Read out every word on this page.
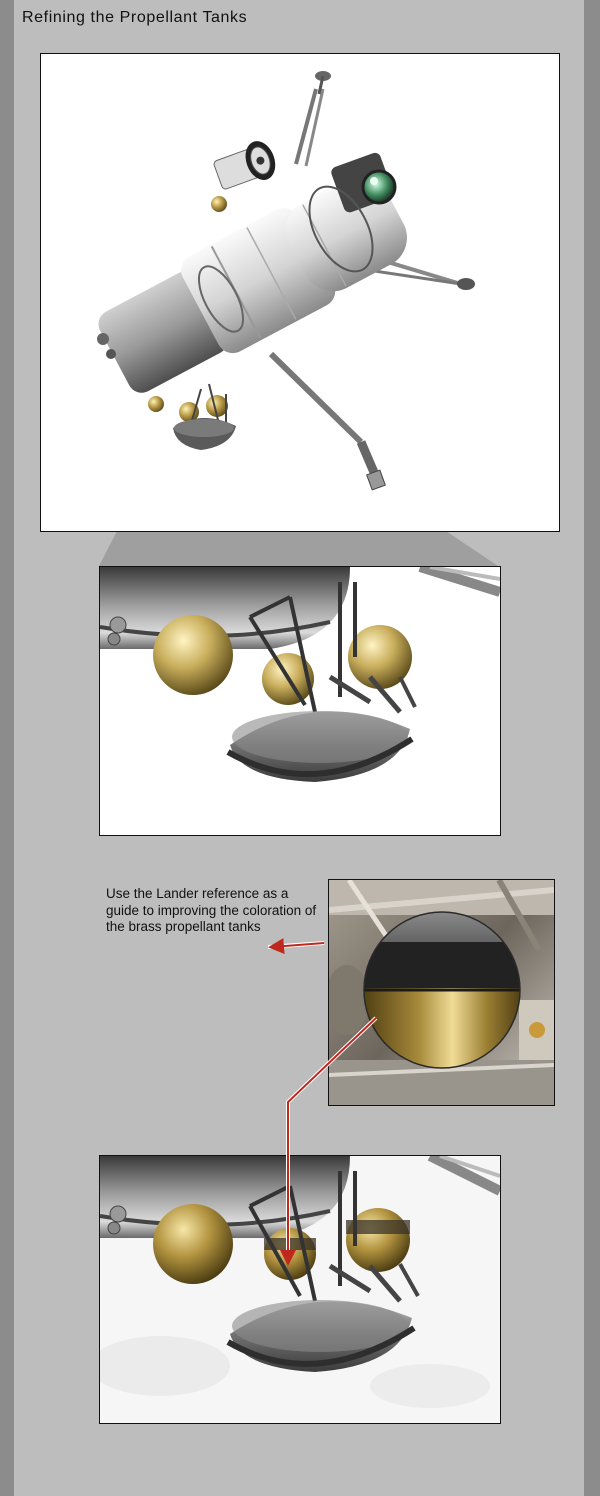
Refining the Propellant Tanks

Use the Lander reference as a guide to improving the coloration of the brass propellant tanks
